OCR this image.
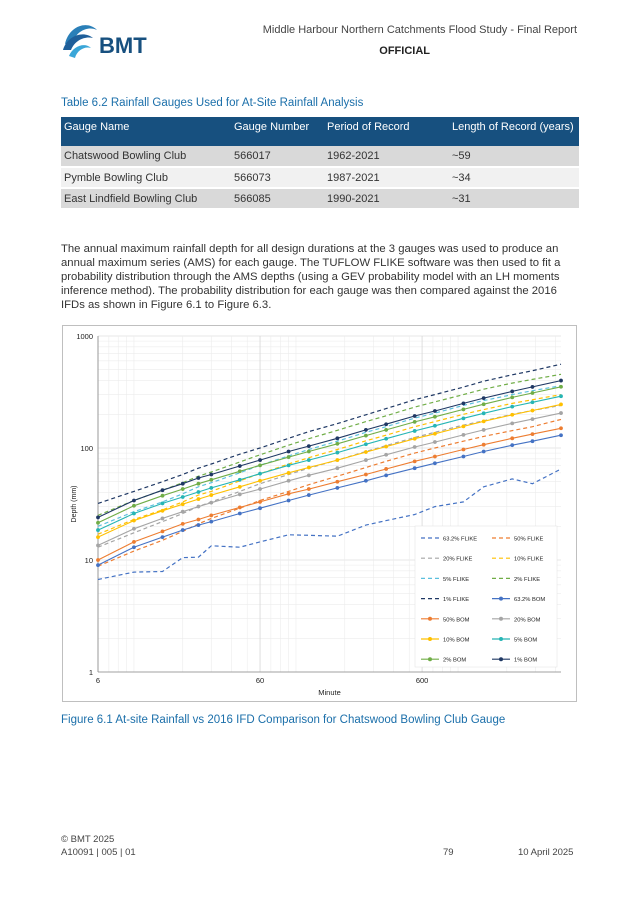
BMT
Middle Harbour Northern Catchments Flood Study - Final Report
OFFICIAL
Table 6.2 Rainfall Gauges Used for At-Site Rainfall Analysis
Gauge Name	Gauge Number	Period of Record	Length of Record (years)
Chatswood Bowling Club	566017	1962-2021	~59
Pymble Bowling Club	566073	1987-2021	~34
East Lindfield Bowling Club	566085	1990-2021	~31
The annual maximum rainfall depth for all design durations at the 3 gauges was used to produce an annual maximum series (AMS) for each gauge. The TUFLOW FLIKE software was then used to fit a probability distribution through the AMS depths (using a GEV probability model with an LH moments inference method). The probability distribution for each gauge was then compared against the 2016 IFDs as shown in Figure 6.1 to Figure 6.3.
1
10
100
1000
6	60	600
Minute
Depth (mm)
63.2% FLIKE	50% FLIKE
20% FLIKE	10% FLIKE
5% FLIKE	2% FLIKE
1% FLIKE	63.2% BOM
50% BOM	20% BOM
10% BOM	5% BOM
2% BOM	1% BOM
Figure 6.1 At-site Rainfall vs 2016 IFD Comparison for Chatswood Bowling Club Gauge
© BMT 2025
A10091 | 005 | 01	79	10 April 2025
